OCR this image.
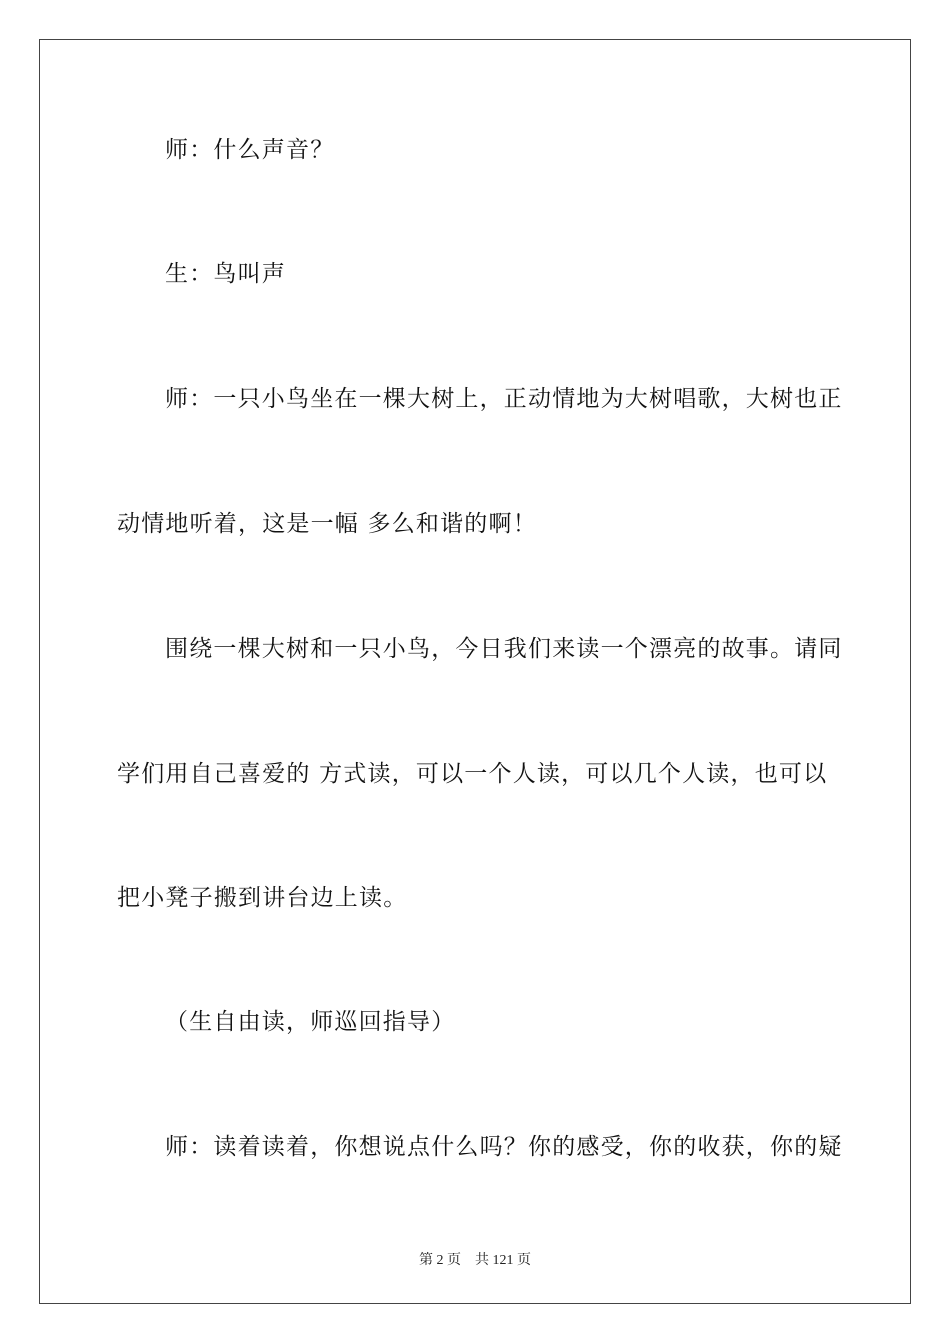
师：什么声音？
生：鸟叫声
师：一只小鸟坐在一棵大树上，正动情地为大树唱歌，大树也正
动情地听着，这是一幅 多么和谐的啊！
围绕一棵大树和一只小鸟，今日我们来读一个漂亮的故事。请同
学们用自己喜爱的 方式读，可以一个人读，可以几个人读，也可以
把小凳子搬到讲台边上读。
（生自由读，师巡回指导）
师：读着读着，你想说点什么吗？你的感受，你的收获，你的疑
第 2 页　共 121 页
